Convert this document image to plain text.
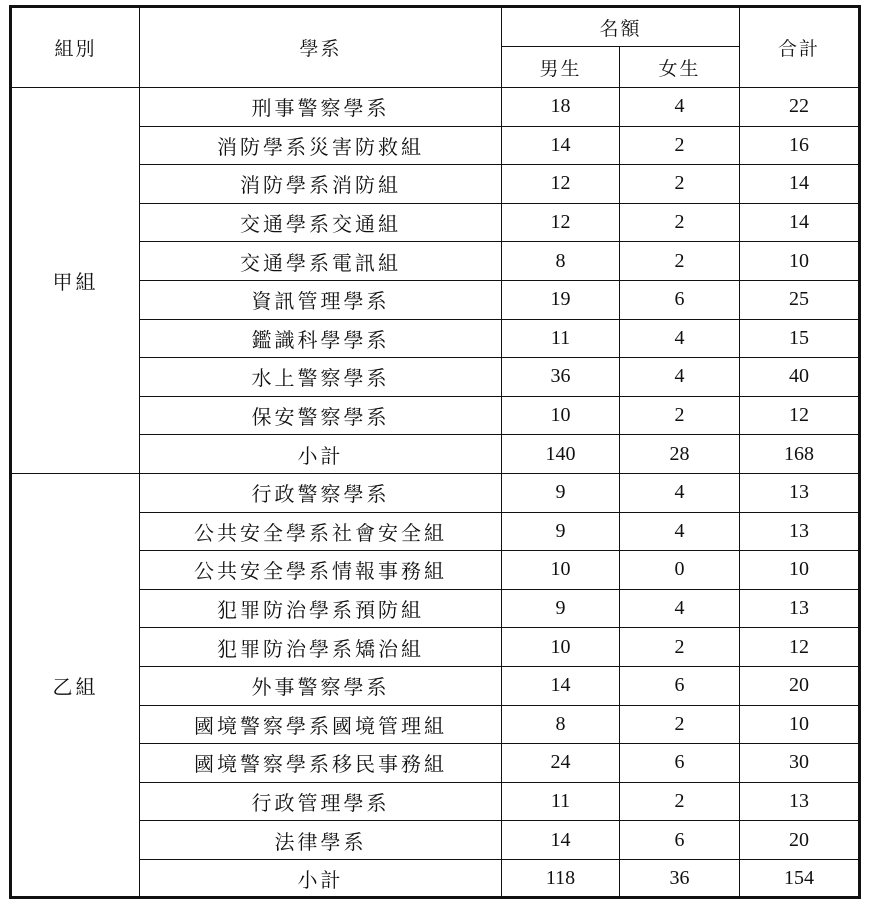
組別	學系	名額		合計
		男生	女生	
甲組	刑事警察學系	18	4	22
	消防學系災害防救組	14	2	16
	消防學系消防組	12	2	14
	交通學系交通組	12	2	14
	交通學系電訊組	8	2	10
	資訊管理學系	19	6	25
	鑑識科學學系	11	4	15
	水上警察學系	36	4	40
	保安警察學系	10	2	12
	小計	140	28	168
乙組	行政警察學系	9	4	13
	公共安全學系社會安全組	9	4	13
	公共安全學系情報事務組	10	0	10
	犯罪防治學系預防組	9	4	13
	犯罪防治學系矯治組	10	2	12
	外事警察學系	14	6	20
	國境警察學系國境管理組	8	2	10
	國境警察學系移民事務組	24	6	30
	行政管理學系	11	2	13
	法律學系	14	6	20
	小計	118	36	154
